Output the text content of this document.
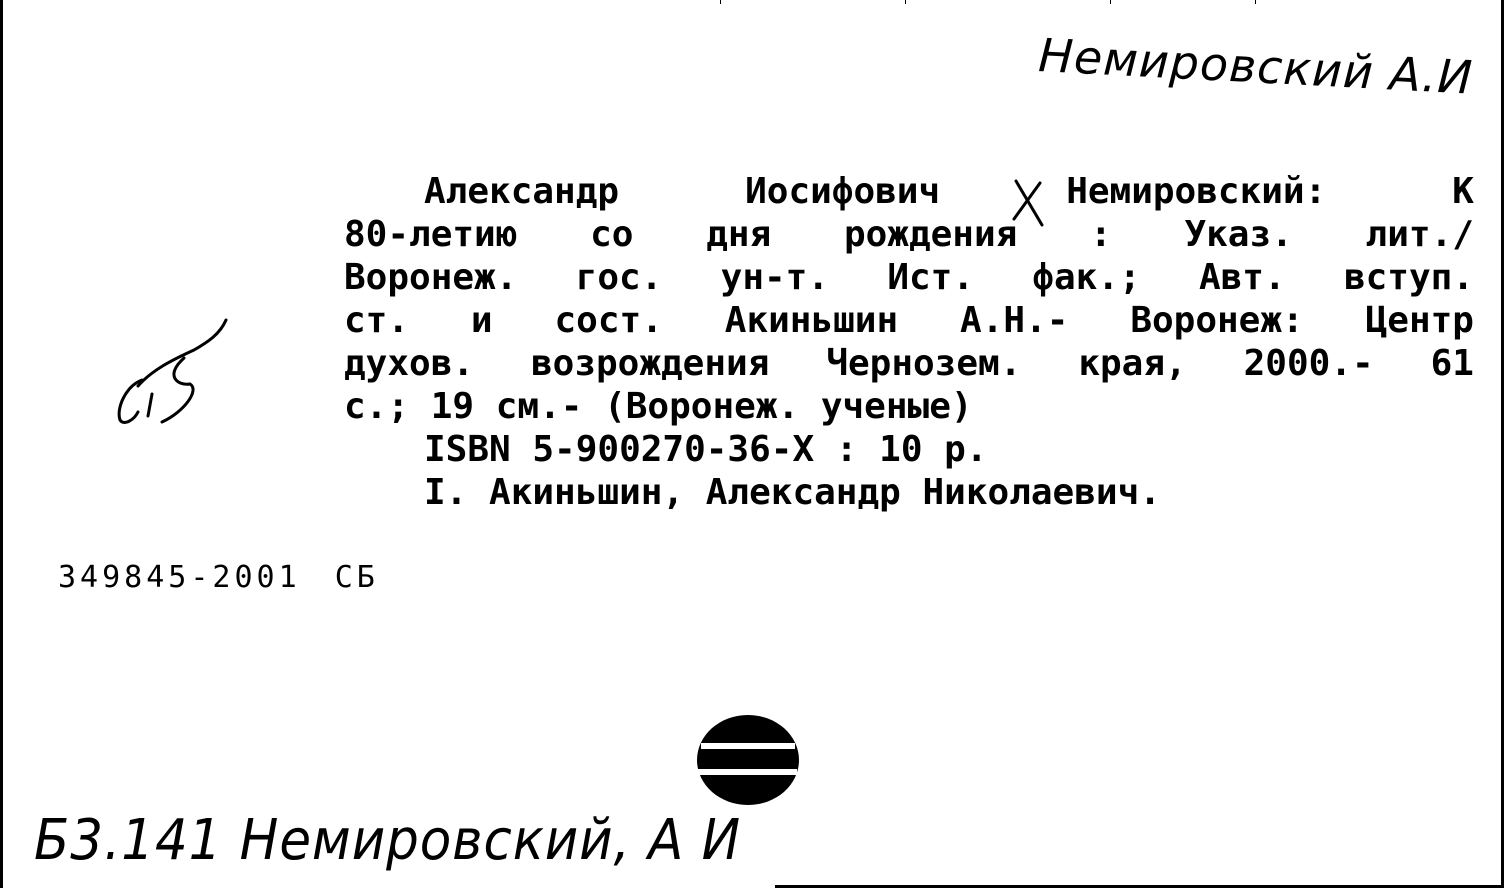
Немировский А.И
Александр	Иосифович	Немировский:	К
80-летию со дня рождения : Указ. лит./
Воронеж. гос. ун-т. Ист. фак.; Авт. вступ.
ст. и сост. Акиньшин А.Н.- Воронеж: Центр
духов. возрождения Чернозем. края, 2000.- 61
с.; 19 см.- (Воронеж. ученые)
ISBN 5-900270-36-X : 10 р.
I. Акиньшин, Александр Николаевич.
349845-2001 СБ
Б3.141 Немировский, А И
